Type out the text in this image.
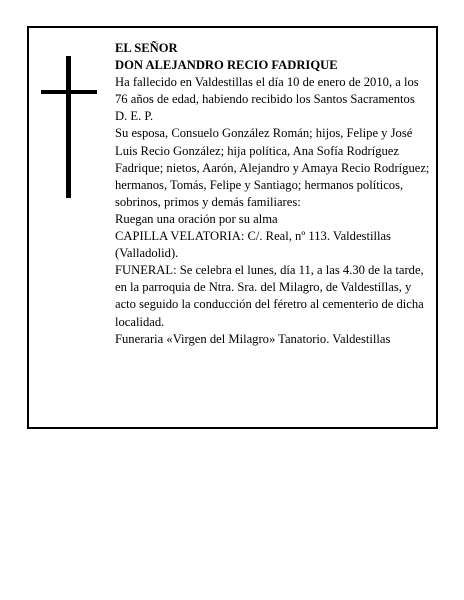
EL SEÑOR

DON ALEJANDRO RECIO FADRIQUE

Ha fallecido en Valdestillas el día 10 de enero de 2010, a los 76 años de edad, habiendo recibido los Santos Sacramentos

D. E. P.

Su esposa, Consuelo González Román; hijos, Felipe y José Luis Recio González; hija política, Ana Sofía Rodríguez Fadrique; nietos, Aarón, Alejandro y Amaya Recio Rodríguez; hermanos, Tomás, Felipe y Santiago; hermanos políticos, sobrinos, primos y demás familiares:

Ruegan una oración por su alma

CAPILLA VELATORIA: C/. Real, nº 113. Valdestillas (Valladolid).

FUNERAL: Se celebra el lunes, día 11, a las 4.30 de la tarde, en la parroquia de Ntra. Sra. del Milagro, de Valdestillas, y acto seguido la conducción del féretro al cementerio de dicha localidad.

Funeraria «Virgen del Milagro» Tanatorio. Valdestillas
